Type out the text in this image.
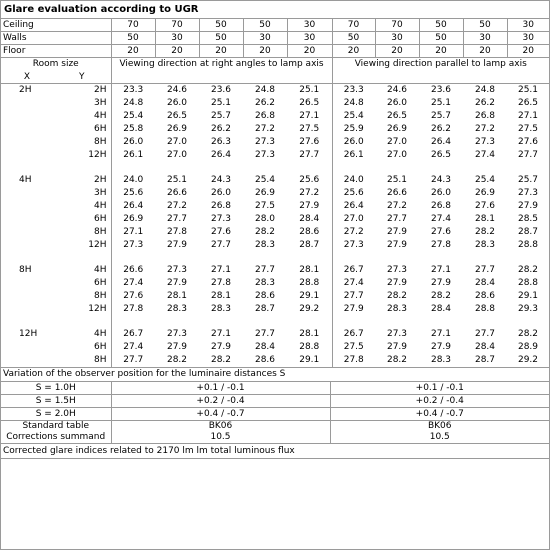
Glare evaluation according to UGR
Ceiling	70	70	50	50	30	70	70	50	50	30
Walls	50	30	50	30	30	50	30	50	30	30
Floor	20	20	20	20	20	20	20	20	20	20
Room size		Viewing direction at right angles to lamp axis					Viewing direction parallel to lamp axis				
X	Y										
2H	2H	23.3	24.6	23.6	24.8	25.1	23.3	24.6	23.6	24.8	25.1
	3H	24.8	26.0	25.1	26.2	26.5	24.8	26.0	25.1	26.2	26.5
	4H	25.4	26.5	25.7	26.8	27.1	25.4	26.5	25.7	26.8	27.1
	6H	25.8	26.9	26.2	27.2	27.5	25.9	26.9	26.2	27.2	27.5
	8H	26.0	27.0	26.3	27.3	27.6	26.0	27.0	26.4	27.3	27.6
	12H	26.1	27.0	26.4	27.3	27.7	26.1	27.0	26.5	27.4	27.7

4H	2H	24.0	25.1	24.3	25.4	25.6	24.0	25.1	24.3	25.4	25.7
	3H	25.6	26.6	26.0	26.9	27.2	25.6	26.6	26.0	26.9	27.3
	4H	26.4	27.2	26.8	27.5	27.9	26.4	27.2	26.8	27.6	27.9
	6H	26.9	27.7	27.3	28.0	28.4	27.0	27.7	27.4	28.1	28.5
	8H	27.1	27.8	27.6	28.2	28.6	27.2	27.9	27.6	28.2	28.7
	12H	27.3	27.9	27.7	28.3	28.7	27.3	27.9	27.8	28.3	28.8

8H	4H	26.6	27.3	27.1	27.7	28.1	26.7	27.3	27.1	27.7	28.2
	6H	27.4	27.9	27.8	28.3	28.8	27.4	27.9	27.9	28.4	28.8
	8H	27.6	28.1	28.1	28.6	29.1	27.7	28.2	28.2	28.6	29.1
	12H	27.8	28.3	28.3	28.7	29.2	27.9	28.3	28.4	28.8	29.3

12H	4H	26.7	27.3	27.1	27.7	28.1	26.7	27.3	27.1	27.7	28.2
	6H	27.4	27.9	27.9	28.4	28.8	27.5	27.9	27.9	28.4	28.9
	8H	27.7	28.2	28.2	28.6	29.1	27.8	28.2	28.3	28.7	29.2
Variation of the observer position for the luminaire distances S
S = 1.0H	+0.1 / -0.1	+0.1 / -0.1
S = 1.5H	+0.2 / -0.4	+0.2 / -0.4
S = 2.0H	+0.4 / -0.7	+0.4 / -0.7
Standard table	BK06	BK06
Corrections summand	10.5	10.5
Corrected glare indices related to 2170 lm lm total luminous flux
